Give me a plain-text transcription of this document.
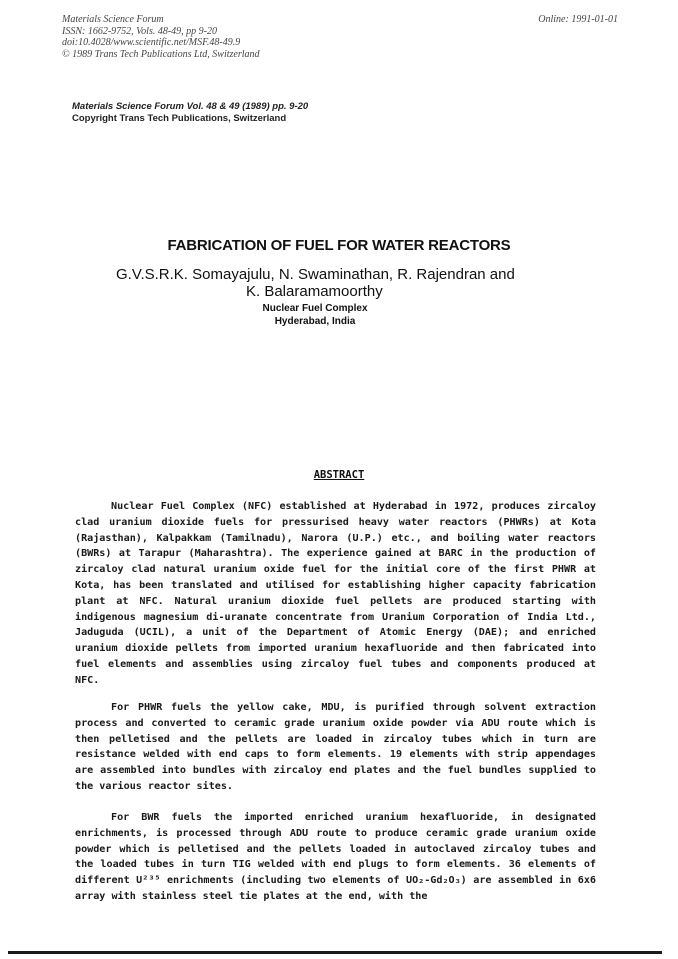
Materials Science Forum
ISSN: 1662-9752, Vols. 48-49, pp 9-20
doi:10.4028/www.scientific.net/MSF.48-49.9
© 1989 Trans Tech Publications Ltd, Switzerland
Online: 1991-01-01
Materials Science Forum Vol. 48 & 49 (1989) pp. 9-20
Copyright Trans Tech Publications, Switzerland
FABRICATION OF FUEL FOR WATER REACTORS
G.V.S.R.K. Somayajulu, N. Swaminathan, R. Rajendran and
K. Balaramamoorthy
Nuclear Fuel Complex
Hyderabad, India
ABSTRACT
Nuclear Fuel Complex (NFC) established at Hyderabad in 1972, produces zircaloy clad uranium dioxide fuels for pressurised heavy water reactors (PHWRs) at Kota (Rajasthan), Kalpakkam (Tamilnadu), Narora (U.P.) etc., and boiling water reactors (BWRs) at Tarapur (Maharashtra). The experience gained at BARC in the production of zircaloy clad natural uranium oxide fuel for the initial core of the first PHWR at Kota, has been translated and utilised for establishing higher capacity fabrication plant at NFC. Natural uranium dioxide fuel pellets are produced starting with indigenous magnesium di-uranate concentrate from Uranium Corporation of India Ltd., Jaduguda (UCIL), a unit of the Department of Atomic Energy (DAE); and enriched uranium dioxide pellets from imported uranium hexafluoride and then fabricated into fuel elements and assemblies using zircaloy fuel tubes and components produced at NFC.
For PHWR fuels the yellow cake, MDU, is purified through solvent extraction process and converted to ceramic grade uranium oxide powder via ADU route which is then pelletised and the pellets are loaded in zircaloy tubes which in turn are resistance welded with end caps to form elements. 19 elements with strip appendages are assembled into bundles with zircaloy end plates and the fuel bundles supplied to the various reactor sites.
For BWR fuels the imported enriched uranium hexafluoride, in designated enrichments, is processed through ADU route to produce ceramic grade uranium oxide powder which is pelletised and the pellets loaded in autoclaved zircaloy tubes and the loaded tubes in turn TIG welded with end plugs to form elements. 36 elements of different U²³⁵ enrichments (including two elements of UO₂-Gd₂O₃) are assembled in 6x6 array with stainless steel tie plates at the end, with the
